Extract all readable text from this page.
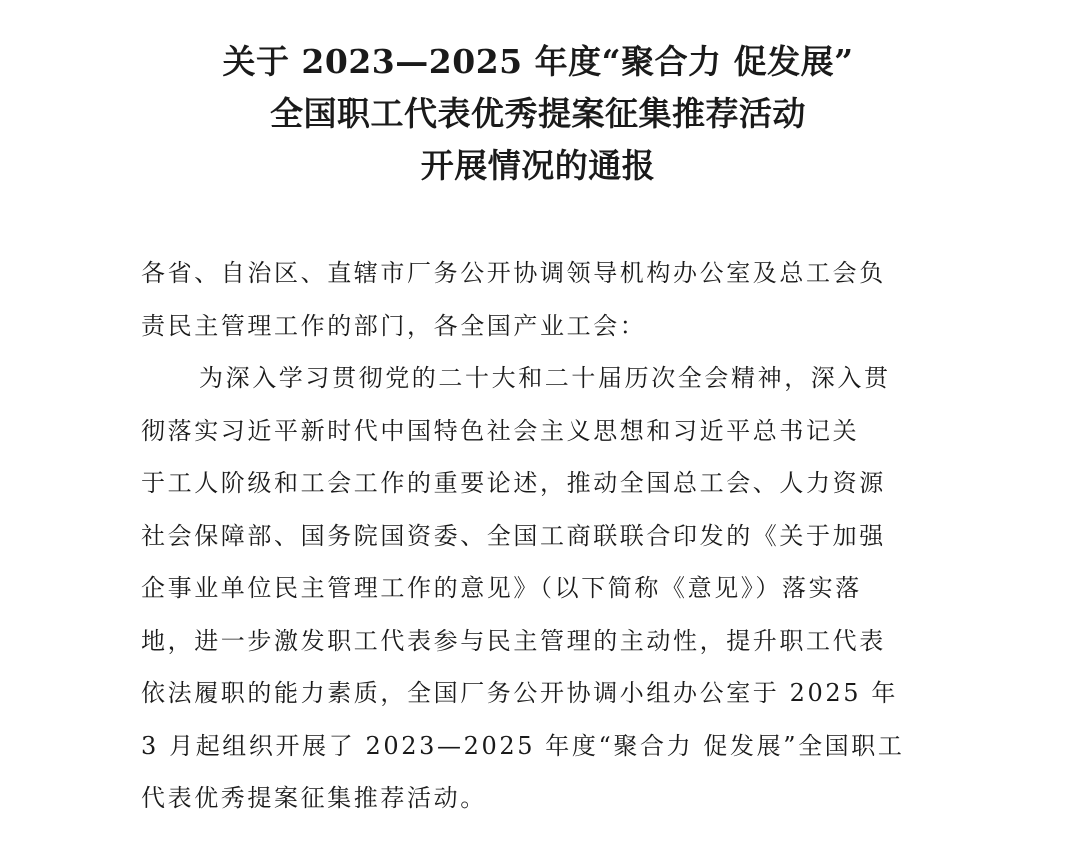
关于 2023—2025 年度“聚合力 促发展”
全国职工代表优秀提案征集推荐活动
开展情况的通报
各省、自治区、直辖市厂务公开协调领导机构办公室及总工会负
责民主管理工作的部门，各全国产业工会：
为深入学习贯彻党的二十大和二十届历次全会精神，深入贯
彻落实习近平新时代中国特色社会主义思想和习近平总书记关
于工人阶级和工会工作的重要论述，推动全国总工会、人力资源
社会保障部、国务院国资委、全国工商联联合印发的《关于加强
企事业单位民主管理工作的意见》（以下简称《意见》）落实落
地，进一步激发职工代表参与民主管理的主动性，提升职工代表
依法履职的能力素质，全国厂务公开协调小组办公室于 2025 年
3 月起组织开展了 2023—2025 年度“聚合力 促发展”全国职工
代表优秀提案征集推荐活动。
